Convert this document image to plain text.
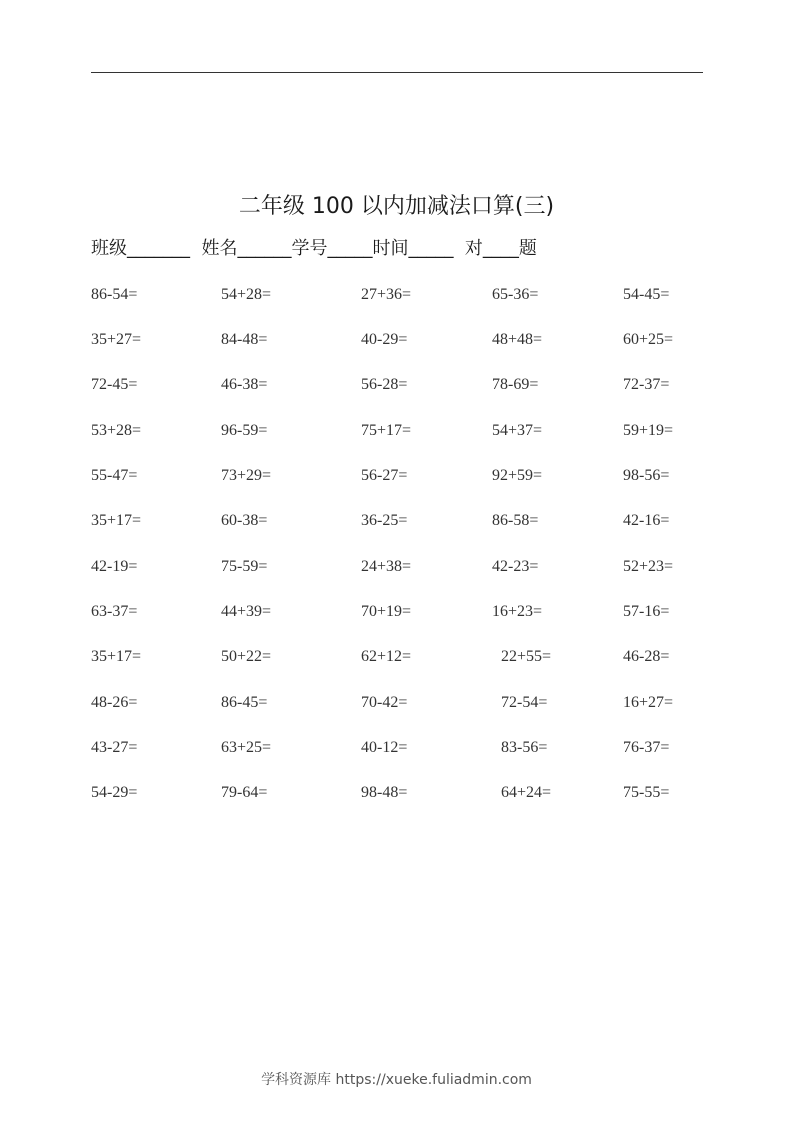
二年级 100 以内加减法口算(三)
班级_______  姓名______学号_____时间_____  对____题
86-54=	54+28=	27+36=	65-36=	54-45=
35+27=	84-48=	40-29=	48+48=	60+25=
72-45=	46-38=	56-28=	78-69=	72-37=
53+28=	96-59=	75+17=	54+37=	59+19=
55-47=	73+29=	56-27=	92+59=	98-56=
35+17=	60-38=	36-25=	86-58=	42-16=
42-19=	75-59=	24+38=	42-23=	52+23=
63-37=	44+39=	70+19=	16+23=	57-16=
35+17=	50+22=	62+12=	22+55=	46-28=
48-26=	86-45=	70-42=	72-54=	16+27=
43-27=	63+25=	40-12=	83-56=	76-37=
54-29=	79-64=	98-48=	64+24=	75-55=
学科资源库 https://xueke.fuliadmin.com
